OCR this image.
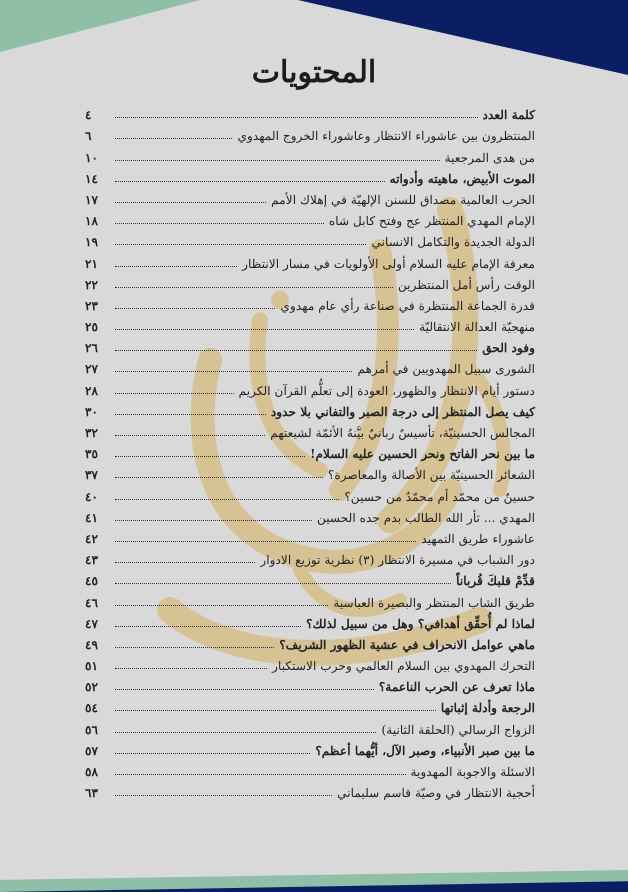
المحتويات
كلمة العدد
٤
المنتظرون بين عاشوراء الانتظار وعاشوراء الخروج المهدوي
٦
من هدى المرجعية
١٠
الموت الأبيض، ماهيته وأدواته
١٤
الحرب العالمية مصداق للسنن الإلهيّة في إهلاك الأمم
١٧
الإمام المهدي المنتظر عج وفتح كابل شاه
١٨
الدولة الجديدة والتكامل الانساني
١٩
معرفة الإمام عليه السلام أولى الأولويات في مسار الانتظار
٢١
الوقت رأس أمل المنتظرين
٢٢
قدرة الجماعة المنتظرة في صناعة رأي عام مهدوي
٢٣
منهجيّة العدالة الانتقاليّة
٢٥
وفود الحق
٢٦
الشورى سبيل المهدويين في أمرهم
٢٧
دستور أيام الانتظار والظهور، العودة إلى تعلُّم القرآن الكريم
٢٨
كيف يصل المنتظر إلى درجة الصبر والتفاني بلا حدود
٣٠
المجالس الحسينيّة، تأسيسٌ ربانيٌ بيَّنهُ الأئمّة لشيعتهم
٣٢
ما بين نحر الفاتح ونحر الحسين عليه السلام!
٣٥
الشعائر الحسينيّة بين الأصالة والمعاصرة؟
٣٧
حسينٌ من محمّد أم محمّدٌ من حسين؟
٤٠
المهدي ... ثأر الله الطالب بدم جده الحسين
٤١
عاشوراء طريق التمهيد
٤٢
دور الشباب في مسيرة الانتظار (٣) نظرية توزيع الادوار
٤٣
قدِّمْ قلبكَ قُرباناً
٤٥
طريق الشاب المنتظر والبصيرة العباسية
٤٦
لماذا لم أُحقِّق أهدافي؟ وهل من سبيل لذلك؟
٤٧
ماهي عوامل الانحراف في عشية الظهور الشريف؟
٤٩
التحرك المهدوي بين السلام العالمي وحرب الاستكبار
٥١
ماذا تعرف عن الحرب الناعمة؟
٥٢
الرجعة وأدلة إثباتها
٥٤
الزواج الرسالي (الحلقة الثانية)
٥٦
ما بين صبر الأنبياء، وصبر الآل، أيُّهما أعظم؟
٥٧
الاسئلة والاجوبة المهدوية
٥٨
أحجية الانتظار في وصيّة قاسم سليماني
٦٣
